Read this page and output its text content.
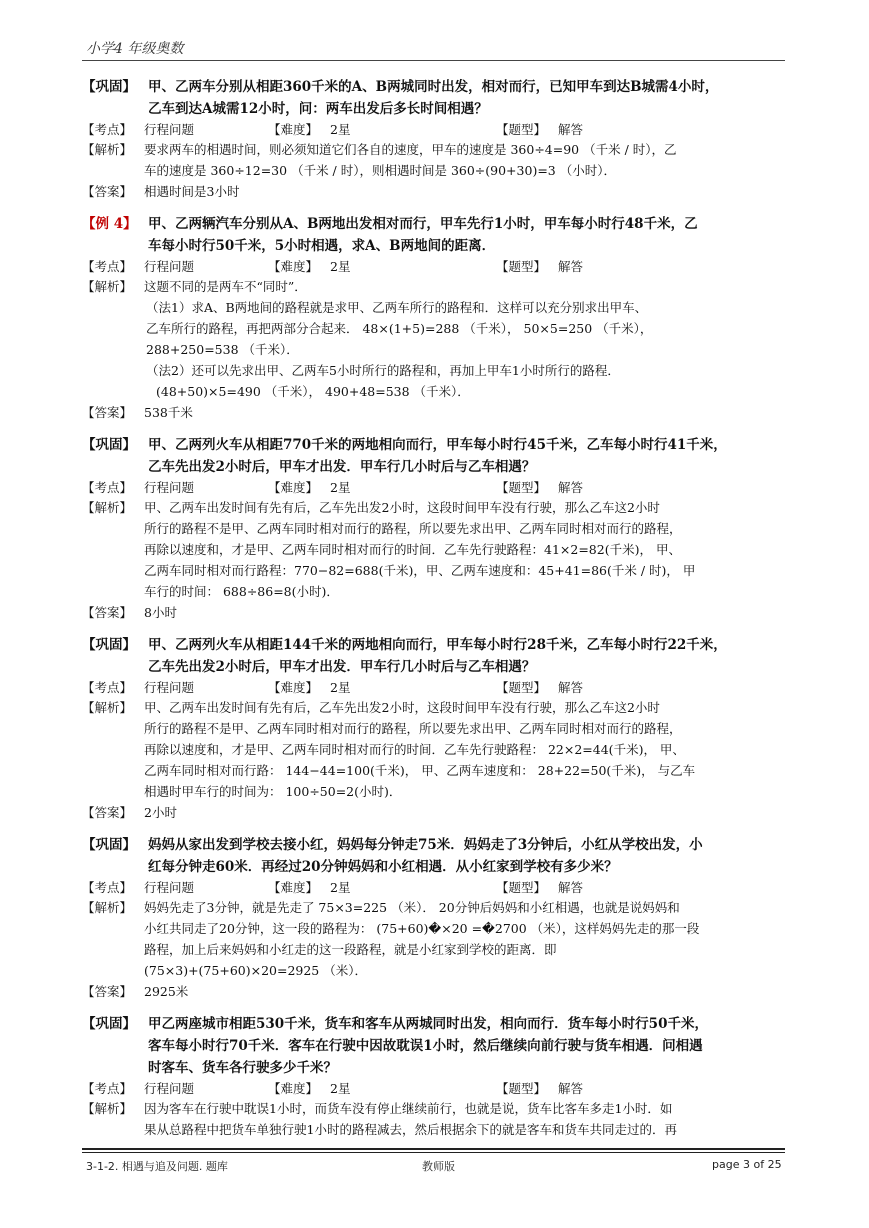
小学4 年级奥数
【巩固】 甲、乙两车分别从相距360千米的A、B两城同时出发，相对而行，已知甲车到达B城需4小时，
乙车到达A城需12小时，问：两车出发后多长时间相遇？
【考点】 行程问题	【难度】 2星	【题型】 解答
【解析】 要求两车的相遇时间，则必须知道它们各自的速度，甲车的速度是 360÷4=90 （千米 / 时），乙

车的速度是 360÷12=30 （千米 / 时），则相遇时间是 360÷(90+30)=3 （小时）．

【答案】 相遇时间是3小时
【例 4】 甲、乙两辆汽车分别从A、B两地出发相对而行，甲车先行1小时，甲车每小时行48千米，乙
车每小时行50千米，5小时相遇，求A、B两地间的距离．
【考点】 行程问题	【难度】 2星	【题型】 解答
【解析】 这题不同的是两车不“同时”．

（法1）求A、B两地间的路程就是求甲、乙两车所行的路程和．这样可以充分别求出甲车、

乙车所行的路程，再把两部分合起来． 48×(1+5)=288 （千米）， 50×5=250 （千米），

288+250=538 （千米）．

（法2）还可以先求出甲、乙两车5小时所行的路程和，再加上甲车1小时所行的路程．

(48+50)×5=490 （千米）， 490+48=538 （千米）．

【答案】 538千米
【巩固】 甲、乙两列火车从相距770千米的两地相向而行，甲车每小时行45千米，乙车每小时行41千米，
乙车先出发2小时后，甲车才出发．甲车行几小时后与乙车相遇？
【考点】 行程问题	【难度】 2星	【题型】 解答
【解析】 甲、乙两车出发时间有先有后，乙车先出发2小时，这段时间甲车没有行驶，那么乙车这2小时

所行的路程不是甲、乙两车同时相对而行的路程，所以要先求出甲、乙两车同时相对而行的路程，

再除以速度和，才是甲、乙两车同时相对而行的时间．乙车先行驶路程：41×2=82(千米)， 甲、

乙两车同时相对而行路程：770−82=688(千米)，甲、乙两车速度和：45+41=86(千米 / 时)， 甲

车行的时间： 688÷86=8(小时)．

【答案】 8小时
【巩固】 甲、乙两列火车从相距144千米的两地相向而行，甲车每小时行28千米，乙车每小时行22千米，
乙车先出发2小时后，甲车才出发．甲车行几小时后与乙车相遇？
【考点】 行程问题	【难度】 2星	【题型】 解答
【解析】 甲、乙两车出发时间有先有后，乙车先出发2小时，这段时间甲车没有行驶，那么乙车这2小时

所行的路程不是甲、乙两车同时相对而行的路程，所以要先求出甲、乙两车同时相对而行的路程，

再除以速度和，才是甲、乙两车同时相对而行的时间．乙车先行驶路程： 22×2=44(千米)， 甲、

乙两车同时相对而行路： 144−44=100(千米)， 甲、乙两车速度和： 28+22=50(千米)， 与乙车

相遇时甲车行的时间为： 100÷50=2(小时)．

【答案】 2小时
【巩固】 妈妈从家出发到学校去接小红，妈妈每分钟走75米．妈妈走了3分钟后，小红从学校出发，小
红每分钟走60米．再经过20分钟妈妈和小红相遇．从小红家到学校有多少米？
【考点】 行程问题	【难度】 2星	【题型】 解答
【解析】 妈妈先走了3分钟，就是先走了 75×3=225 （米）． 20分钟后妈妈和小红相遇，也就是说妈妈和

小红共同走了20分钟，这一段的路程为： (75+60)�×20 =�2700 （米），这样妈妈先走的那一段

路程，加上后来妈妈和小红走的这一段路程，就是小红家到学校的距离．即

(75×3)+(75+60)×20=2925 （米）．

【答案】 2925米
【巩固】 甲乙两座城市相距530千米，货车和客车从两城同时出发，相向而行．货车每小时行50千米，
客车每小时行70千米．客车在行驶中因故耽误1小时，然后继续向前行驶与货车相遇．问相遇
时客车、货车各行驶多少千米？
【考点】 行程问题	【难度】 2星	【题型】 解答
【解析】 因为客车在行驶中耽误1小时，而货车没有停止继续前行，也就是说，货车比客车多走1小时．如

果从总路程中把货车单独行驶1小时的路程减去，然后根据余下的就是客车和货车共同走过的．再

3-1-2. 相遇与追及问题. 题库	教师版	page 3 of 25
